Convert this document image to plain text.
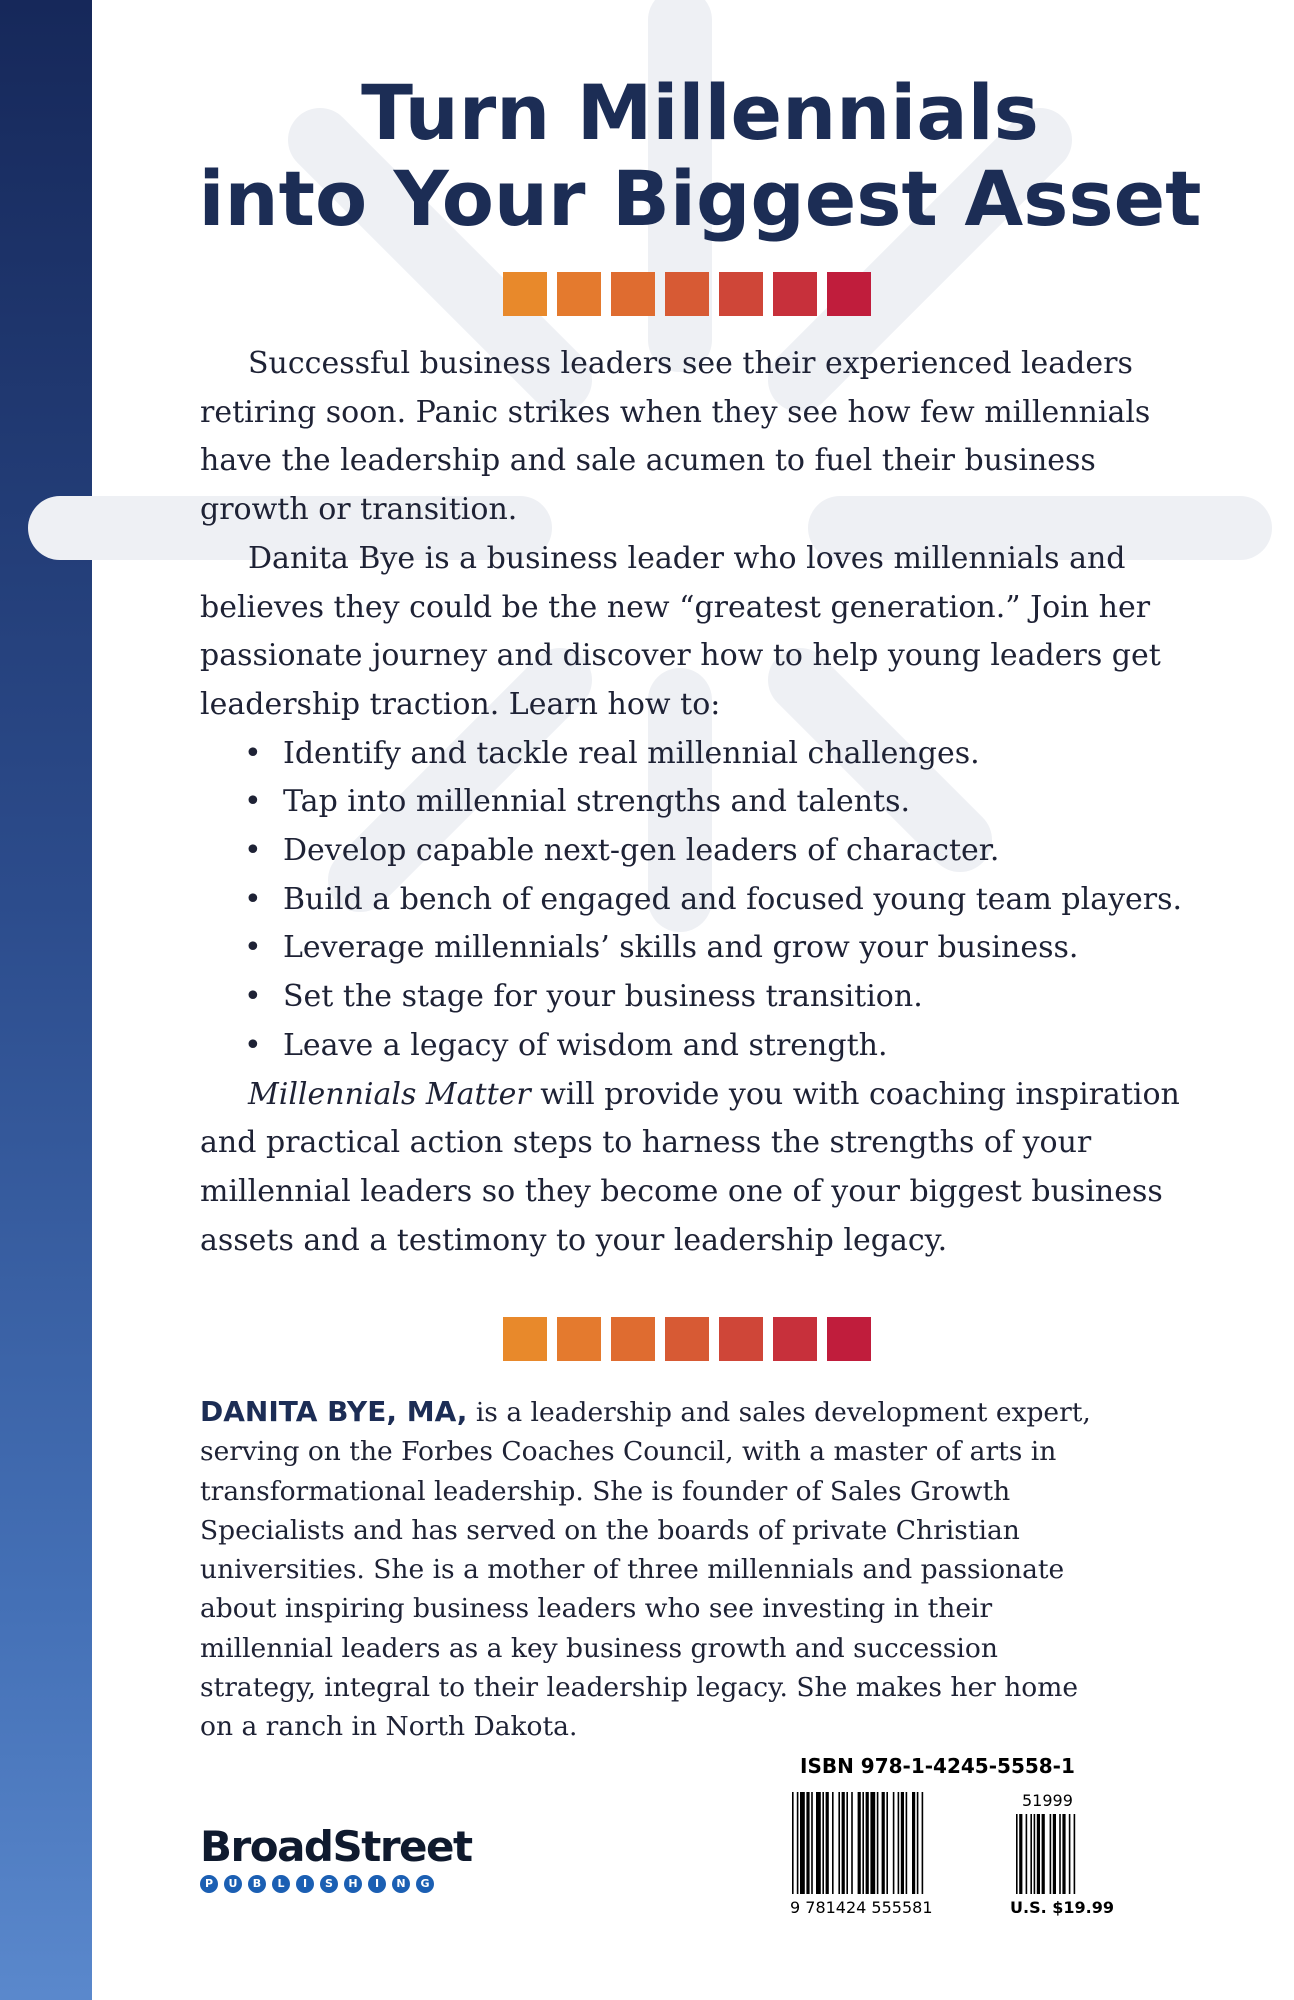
Turn Millennials
into Your Biggest Asset

Successful business leaders see their experienced leaders retiring soon. Panic strikes when they see how few millennials have the leadership and sale acumen to fuel their business growth or transition.

Danita Bye is a business leader who loves millennials and believes they could be the new “greatest generation.” Join her passionate journey and discover how to help young leaders get leadership traction. Learn how to:

• Identify and tackle real millennial challenges.
• Tap into millennial strengths and talents.
• Develop capable next-gen leaders of character.
• Build a bench of engaged and focused young team players.
• Leverage millennials’ skills and grow your business.
• Set the stage for your business transition.
• Leave a legacy of wisdom and strength.

Millennials Matter will provide you with coaching inspiration and practical action steps to harness the strengths of your millennial leaders so they become one of your biggest business assets and a testimony to your leadership legacy.

DANITA BYE, MA, is a leadership and sales development expert, serving on the Forbes Coaches Council, with a master of arts in transformational leadership. She is founder of Sales Growth Specialists and has served on the boards of private Christian universities. She is a mother of three millennials and passionate about inspiring business leaders who see investing in their millennial leaders as a key business growth and succession strategy, integral to their leadership legacy. She makes her home on a ranch in North Dakota.

BroadStreet
P	U	B	L	I	S	H	I	N	G
ISBN 978-1-4245-5558-1
9 781424 555581
51999
U.S. $19.99
